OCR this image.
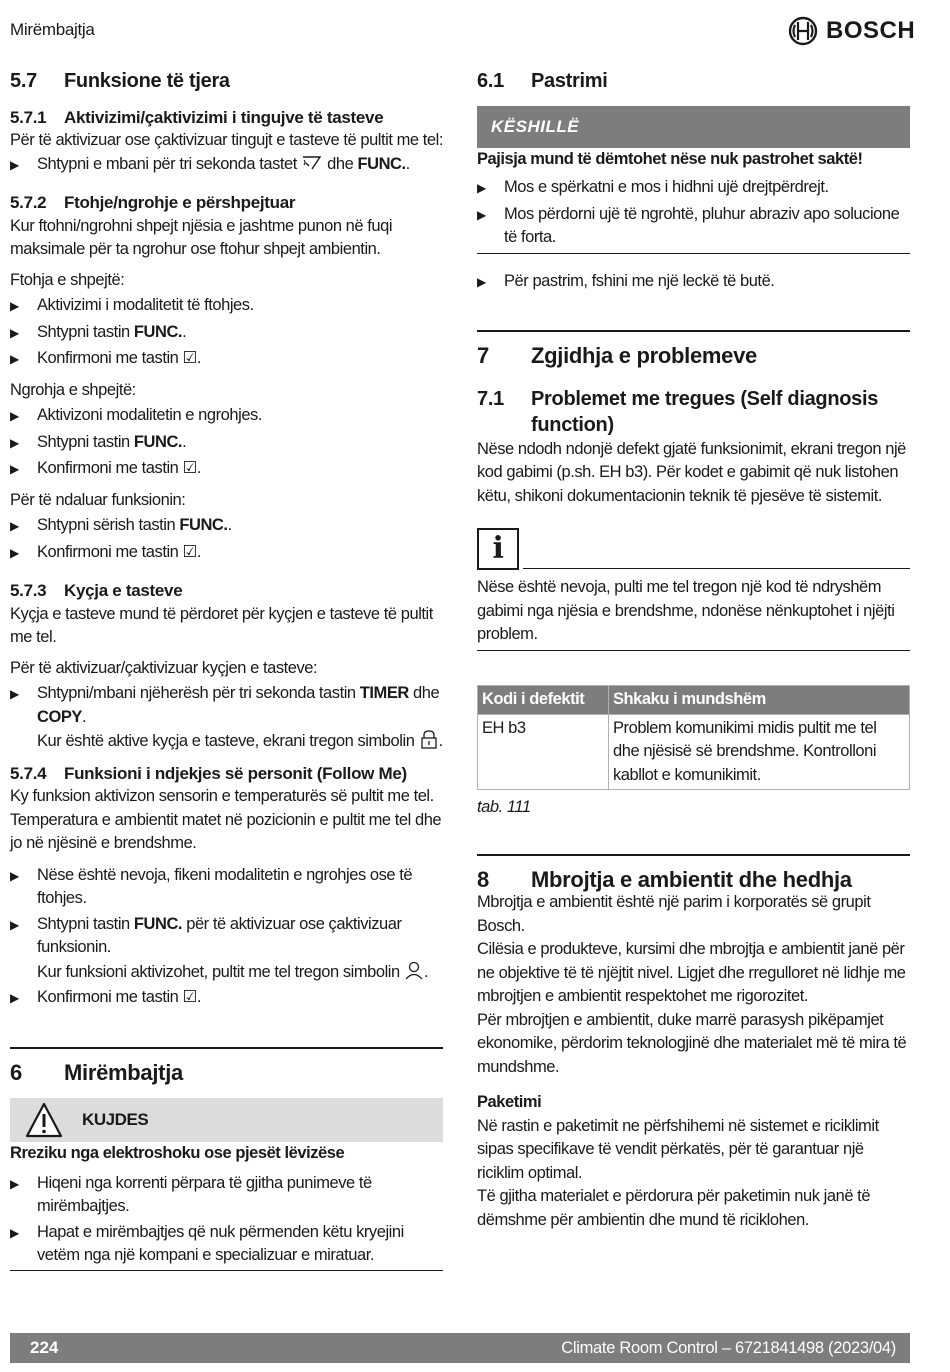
Mirëmbajtja	BOSCH
5.7	Funksione të tjera
5.7.1	Aktivizimi/çaktivizimi i tingujve të tasteve

Për të aktivizuar ose çaktivizuar tingujt e tasteve të pultit me tel:

▶	Shtypni e mbani për tri sekonda tastet  dhe FUNC..
5.7.2	Ftohje/ngrohje e përshpejtuar

Kur ftohni/ngrohni shpejt njësia e jashtme punon në fuqi maksimale për ta ngrohur ose ftohur shpejt ambientin.

Ftohja e shpejtë:

▶	Aktivizimi i modalitetit të ftohjes.
▶	Shtypni tastin FUNC..
▶	Konfirmoni me tastin ☑.

Ngrohja e shpejtë:

▶	Aktivizoni modalitetin e ngrohjes.
▶	Shtypni tastin FUNC..
▶	Konfirmoni me tastin ☑.

Për të ndaluar funksionin:

▶	Shtypni sërish tastin FUNC..
▶	Konfirmoni me tastin ☑.
5.7.3	Kyçja e tasteve

Kyçja e tasteve mund të përdoret për kyçjen e tasteve të pultit me tel.

Për të aktivizuar/çaktivizuar kyçjen e tasteve:

▶	Shtypni/mbani njëherësh për tri sekonda tastin TIMER dhe COPY.
Kur është aktive kyçja e tasteve, ekrani tregon simbolin .
5.7.4	Funksioni i ndjekjes së personit (Follow Me)

Ky funksion aktivizon sensorin e temperaturës së pultit me tel. Temperatura e ambientit matet në pozicionin e pultit me tel dhe jo në njësinë e brendshme.

▶	Nëse është nevoja, fikeni modalitetin e ngrohjes ose të ftohjes.
▶	Shtypni tastin FUNC. për të aktivizuar ose çaktivizuar funksionin.
Kur funksioni aktivizohet, pultit me tel tregon simbolin .
▶	Konfirmoni me tastin ☑.
6	Mirëmbajtja
KUJDES

Rreziku nga elektroshoku ose pjesët lëvizëse

▶	Hiqeni nga korrenti përpara të gjitha punimeve të mirëmbajtjes.
▶	Hapat e mirëmbajtjes që nuk përmenden këtu kryejini vetëm nga një kompani e specializuar e miratuar.
6.1	Pastrimi
KËSHILLË

Pajisja mund të dëmtohet nëse nuk pastrohet saktë!

▶	Mos e spërkatni e mos i hidhni ujë drejtpërdrejt.
▶	Mos përdorni ujë të ngrohtë, pluhur abraziv apo solucione të forta.
▶	Për pastrim, fshini me një leckë të butë.
7	Zgjidhja e problemeve
7.1	Problemet me tregues (Self diagnosis function)

Nëse ndodh ndonjë defekt gjatë funksionimit, ekrani tregon një kod gabimi (p.sh. EH b3). Për kodet e gabimit që nuk listohen këtu, shikoni dokumentacionin teknik të pjesëve të sistemit.

i

Nëse është nevoja, pulti me tel tregon një kod të ndryshëm gabimi nga njësia e brendshme, ndonëse nënkuptohet i njëjti problem.

Kodi i defektit	Shkaku i mundshëm
EH b3	Problem komunikimi midis pultit me tel dhe njësisë së brendshme. Kontrolloni kabllot e komunikimit.

tab. 111

8	Mbrojtja e ambientit dhe hedhja

Mbrojtja e ambientit është një parim i korporatës së grupit Bosch.

Cilësia e produkteve, kursimi dhe mbrojtja e ambientit janë për ne objektive të të njëjtit nivel. Ligjet dhe rregulloret në lidhje me mbrojtjen e ambientit respektohet me rigorozitet.

Për mbrojtjen e ambientit, duke marrë parasysh pikëpamjet ekonomike, përdorim teknologjinë dhe materialet më të mira të mundshme.

Paketimi

Në rastin e paketimit ne përfshihemi në sistemet e riciklimit sipas specifikave të vendit përkatës, për të garantuar një riciklim optimal.

Të gjitha materialet e përdorura për paketimin nuk janë të dëmshme për ambientin dhe mund të riciklohen.

224	Climate Room Control – 6721841498 (2023/04)
